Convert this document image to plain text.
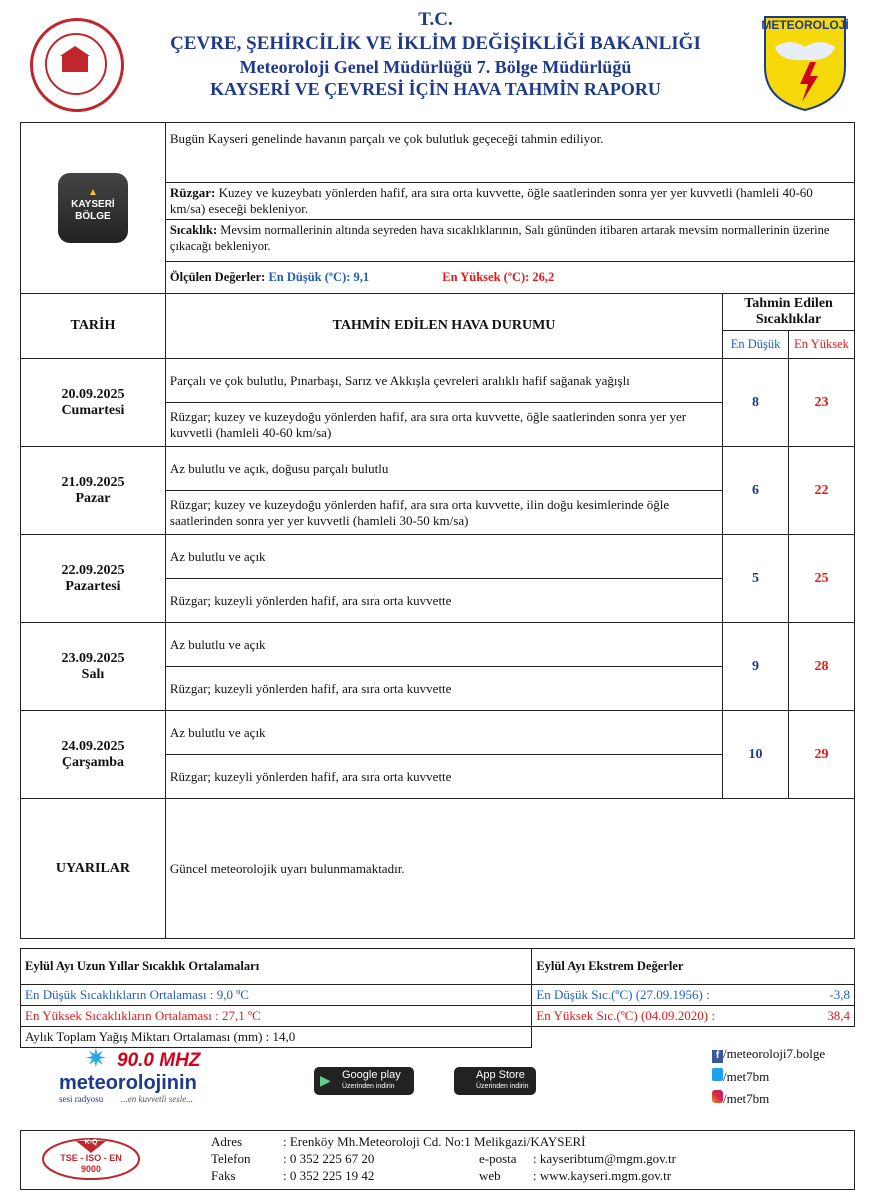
T.C.
ÇEVRE, ŞEHİRCİLİK VE İKLİM DEĞİŞİKLİĞİ BAKANLIĞI
Meteoroloji Genel Müdürlüğü 7. Bölge Müdürlüğü
KAYSERİ VE ÇEVRESİ İÇİN HAVA TAHMİN RAPORU
METEOROLOJİ
▲
KAYSERİ
BÖLGE	Bugün Kayseri genelinde havanın parçalı ve çok bulutluk geçeceği tahmin ediliyor.		
	Rüzgar: Kuzey ve kuzeybatı yönlerden hafif, ara sıra orta kuvvette, öğle saatlerinden sonra yer yer kuvvetli (hamleli 40-60 km/sa) eseceği bekleniyor.		
	Sıcaklık: Mevsim normallerinin altında seyreden hava sıcaklıklarının, Salı gününden itibaren artarak mevsim normallerinin üzerine çıkacağı bekleniyor.		
	Ölçülen Değerler: En Düşük (ºC): 9,1 En Yüksek (ºC): 26,2		
TARİH	TAHMİN EDİLEN HAVA DURUMU	Tahmin Edilen Sıcaklıklar	
		En Düşük	En Yüksek

20.09.2025
Cumartesi	Parçalı ve çok bulutlu, Pınarbaşı, Sarız ve Akkışla çevreleri aralıklı hafif sağanak yağışlı	8	23
	Rüzgar; kuzey ve kuzeydoğu yönlerden hafif, ara sıra orta kuvvette, öğle saatlerinden sonra yer yer kuvvetli (hamleli 40-60 km/sa)		

21.09.2025
Pazar	Az bulutlu ve açık, doğusu parçalı bulutlu	6	22
	Rüzgar; kuzey ve kuzeydoğu yönlerden hafif, ara sıra orta kuvvette, ilin doğu kesimlerinde öğle saatlerinden sonra yer yer kuvvetli (hamleli 30-50 km/sa)		

22.09.2025
Pazartesi	Az bulutlu ve açık	5	25
	Rüzgar; kuzeyli yönlerden hafif, ara sıra orta kuvvette		

23.09.2025
Salı	Az bulutlu ve açık	9	28
	Rüzgar; kuzeyli yönlerden hafif, ara sıra orta kuvvette		

24.09.2025
Çarşamba	Az bulutlu ve açık	10	29
	Rüzgar; kuzeyli yönlerden hafif, ara sıra orta kuvvette		
UYARILAR	Güncel meteorolojik uyarı bulunmamaktadır.		
Eylül Ayı Uzun Yıllar Sıcaklık Ortalamaları	Eylül Ayı Ekstrem Değerler	
En Düşük Sıcaklıkların Ortalaması : 9,0 ºC	En Düşük Sıc.(ºC) (27.09.1956) :	-3,8
En Yüksek Sıcaklıkların Ortalaması : 27,1 ºC	En Yüksek Sıc.(ºC) (04.09.2020) :	38,4
Aylık Toplam Yağış Miktarı Ortalaması (mm) : 14,0		
✷ 90.0 MHZ
meteorolojinin
sesi radyosu ...en kuvvetli sesle...
▶ Google play
Üzerinden indirin
App Store
Üzerinden indirin
f /meteoroloji7.bolge
/met7bm
/met7bm
K-Q
TSE - ISO - EN
9000
Adres	: Erenköy Mh.Meteoroloji Cd. No:1 Melikgazi/KAYSERİ
Telefon : 0 352 225 67 20
Faks	: 0 352 225 19 42
e-posta : kayseribtum@mgm.gov.tr
web : www.kayseri.mgm.gov.tr
